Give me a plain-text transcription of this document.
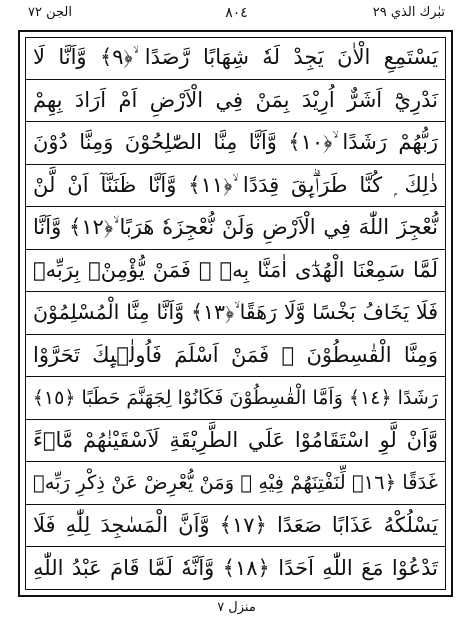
الجن ٧٢	٨٠٤	تبٰرك الذي ٢٩
يَسْتَمِعِ الْاٰنَ يَجِدْ لَهٗ شِهَابًا رَّصَدًا ۙ﴿٩﴾ وَّاَنَّا لَا
نَدْرِيْٓ اَشَرٌّ اُرِيْدَ بِمَنْ فِي الْاَرْضِ اَمْ اَرَادَ بِهِمْ
رَبُّهُمْ رَشَدًا ۙ﴿١٠﴾ وَّاَنَّا مِنَّا الصّٰلِحُوْنَ وَمِنَّا دُوْنَ
ذٰلِكَ ۭ كُنَّا طَرَاۗىِٕقَ قِدَدًا ۙ﴿١١﴾ وَّاَنَّا ظَنَنَّآ اَنْ لَّنْ
نُّعْجِزَ اللّٰهَ فِي الْاَرْضِ وَلَنْ نُّعْجِزَهٗ هَرَبًا ۙ﴿١٢﴾ وَّاَنَّا
لَمَّا سَمِعْنَا الْهُدٰٓى اٰمَنَّا بِهٖ ۭ فَمَنْ يُّؤْمِنْۢ بِرَبِّهٖ
فَلَا يَخَافُ بَخْسًا وَّلَا رَهَقًا ۙ﴿١٣﴾ وَّاَنَّا مِنَّا الْمُسْلِمُوْنَ
وَمِنَّا الْقٰسِطُوْنَ ۭ فَمَنْ اَسْلَمَ فَاُولٰۗىِٕكَ تَحَرَّوْا
رَشَدًا ﴿١٤﴾ وَاَمَّا الْقٰسِطُوْنَ فَكَانُوْا لِجَهَنَّمَ حَطَبًا ﴿١٥﴾
وَّاَنْ لَّوِ اسْتَقَامُوْا عَلَي الطَّرِيْقَةِ لَاَسْقَيْنٰهُمْ مَّاۗءً
غَدَقًا ﴿١٦﴾ لِّنَفْتِنَهُمْ فِيْهِ ۭ وَمَنْ يُّعْرِضْ عَنْ ذِكْرِ رَبِّهٖ
يَسْلُكْهُ عَذَابًا صَعَدًا ﴿١٧﴾ وَّاَنَّ الْمَسٰجِدَ لِلّٰهِ فَلَا
تَدْعُوْا مَعَ اللّٰهِ اَحَدًا ﴿١٨﴾ وَّاَنَّهٗ لَمَّا قَامَ عَبْدُ اللّٰهِ
منزل ٧
